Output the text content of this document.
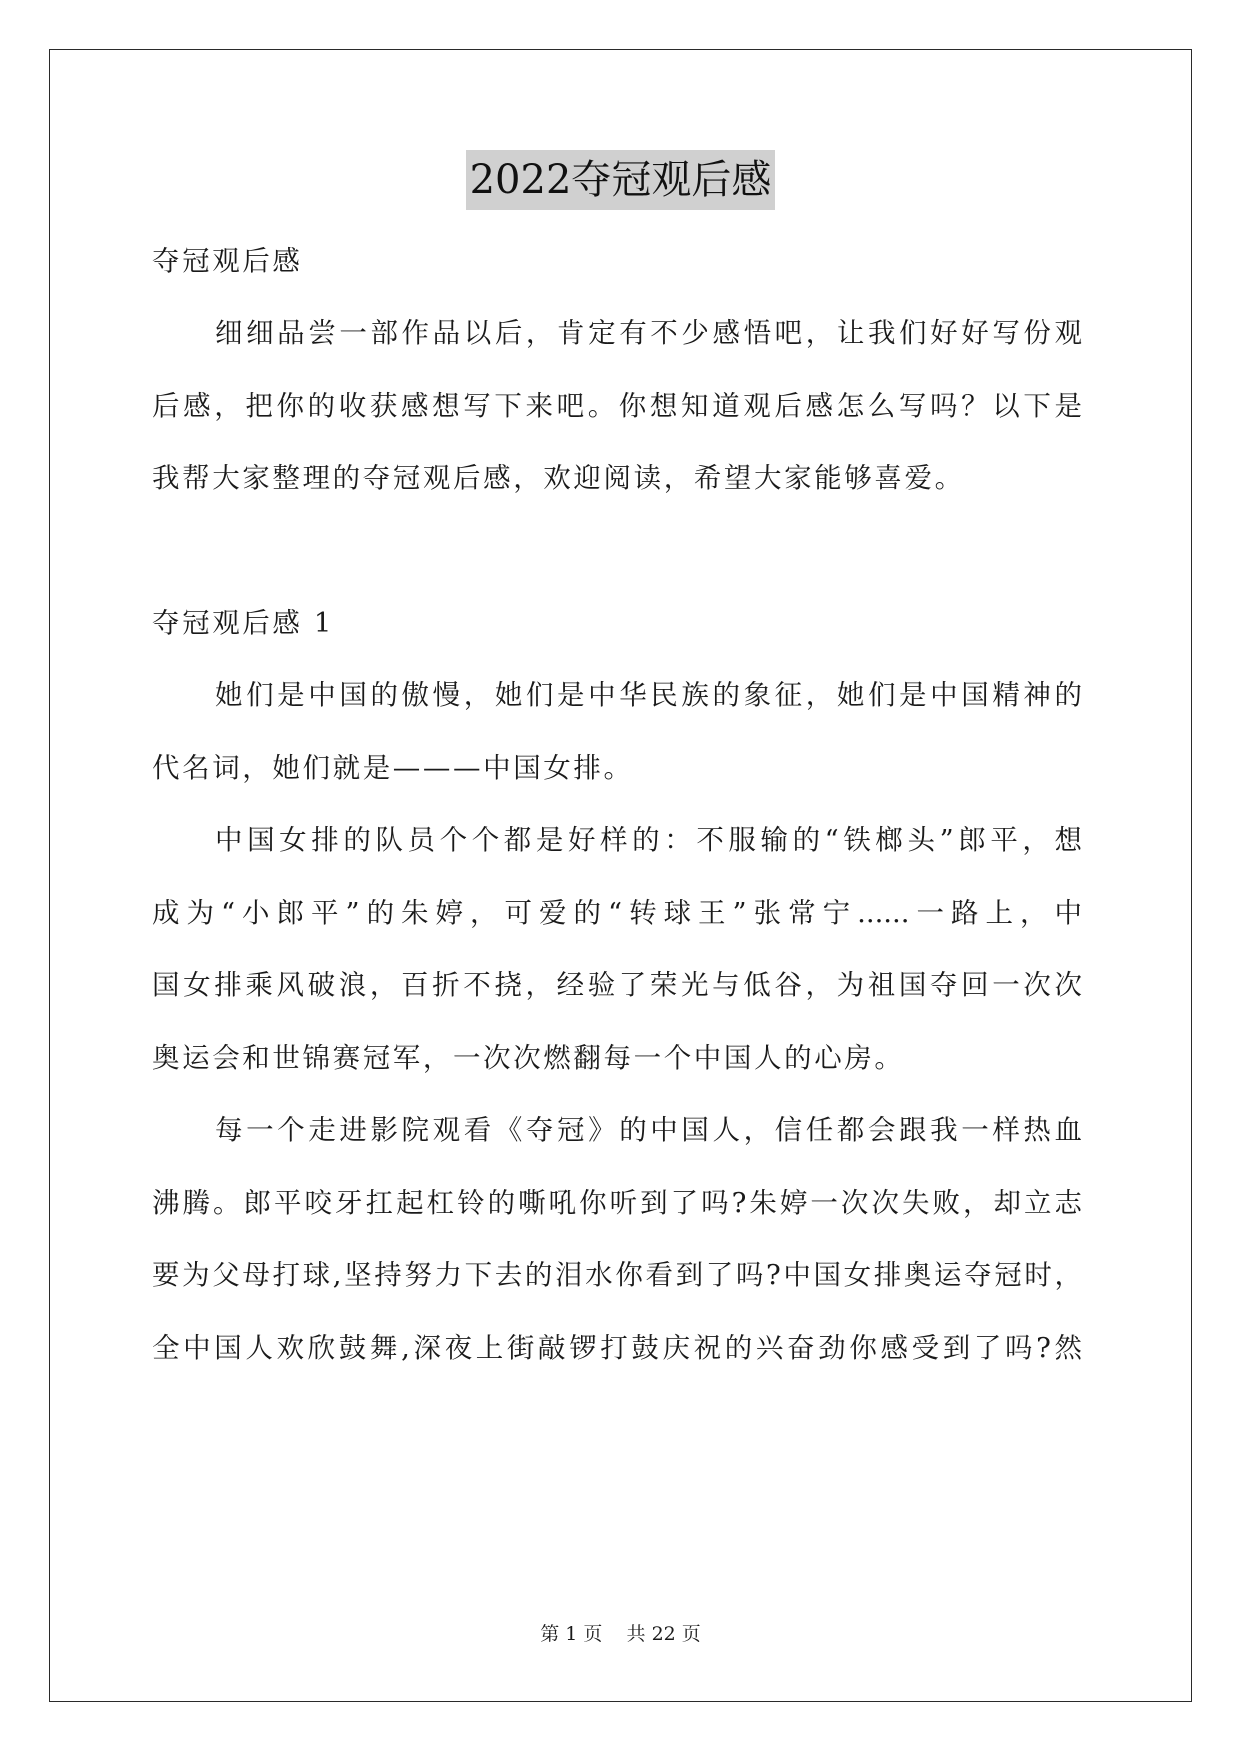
2022夺冠观后感
夺冠观后感
细细品尝一部作品以后，肯定有不少感悟吧，让我们好好写份观
后感，把你的收获感想写下来吧。你想知道观后感怎么写吗？以下是
我帮大家整理的夺冠观后感，欢迎阅读，希望大家能够喜爱。
夺冠观后感 1
她们是中国的傲慢，她们是中华民族的象征，她们是中国精神的
代名词，她们就是———中国女排。
中国女排的队员个个都是好样的：不服输的“铁榔头”郎平，想
成为“小郎平”的朱婷，可爱的“转球王”张常宁......一路上，中
国女排乘风破浪，百折不挠，经验了荣光与低谷，为祖国夺回一次次
奥运会和世锦赛冠军，一次次燃翻每一个中国人的心房。
每一个走进影院观看《夺冠》的中国人，信任都会跟我一样热血
沸腾。郎平咬牙扛起杠铃的嘶吼你听到了吗?朱婷一次次失败，却立志
要为父母打球,坚持努力下去的泪水你看到了吗?中国女排奥运夺冠时，
全中国人欢欣鼓舞,深夜上街敲锣打鼓庆祝的兴奋劲你感受到了吗?然
第 1 页    共 22 页
